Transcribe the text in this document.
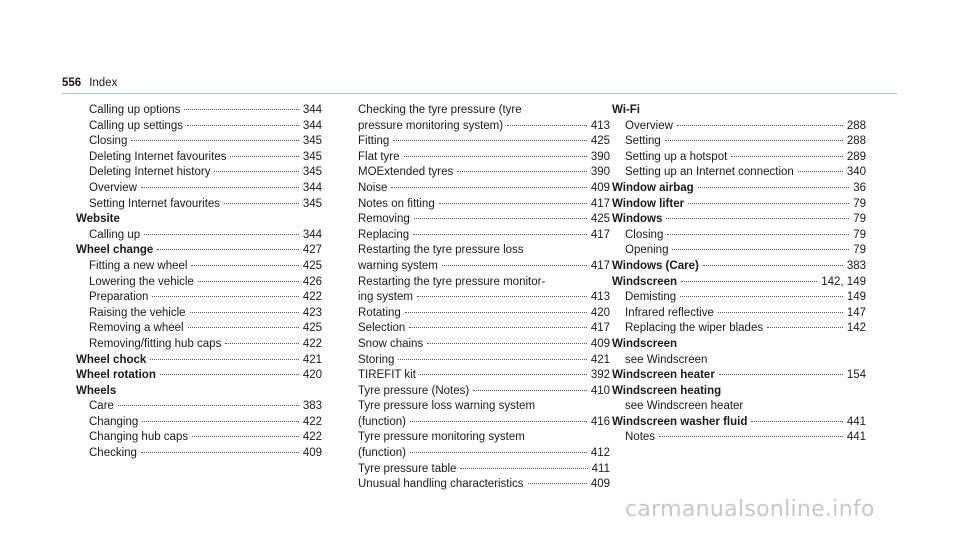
556 Index
Calling up options	344
Calling up settings	344
Closing	345
Deleting Internet favourites	345
Deleting Internet history	345
Overview	344
Setting Internet favourites	345
Website
Calling up	344
Wheel change	427
Fitting a new wheel	425
Lowering the vehicle	426
Preparation	422
Raising the vehicle	423
Removing a wheel	425
Removing/fitting hub caps	422
Wheel chock	421
Wheel rotation	420
Wheels
Care	383
Changing	422
Changing hub caps	422
Checking	409
Checking the tyre pressure (tyre
pressure monitoring system)	413
Fitting	425
Flat tyre	390
MOExtended tyres	390
Noise	409
Notes on fitting	417
Removing	425
Replacing	417
Restarting the tyre pressure loss
warning system	417
Restarting the tyre pressure monitor-
ing system	413
Rotating	420
Selection	417
Snow chains	409
Storing	421
TIREFIT kit	392
Tyre pressure (Notes)	410
Tyre pressure loss warning system
(function)	416
Tyre pressure monitoring system
(function)	412
Tyre pressure table	411
Unusual handling characteristics	409
Wi-Fi
Overview	288
Setting	288
Setting up a hotspot	289
Setting up an Internet connection	340
Window airbag	36
Window lifter	79
Windows	79
Closing	79
Opening	79
Windows (Care)	383
Windscreen	142, 149
Demisting	149
Infrared reflective	147
Replacing the wiper blades	142
Windscreen
see Windscreen
Windscreen heater	154
Windscreen heating
see Windscreen heater
Windscreen washer fluid	441
Notes	441
carmanualsonline.info
